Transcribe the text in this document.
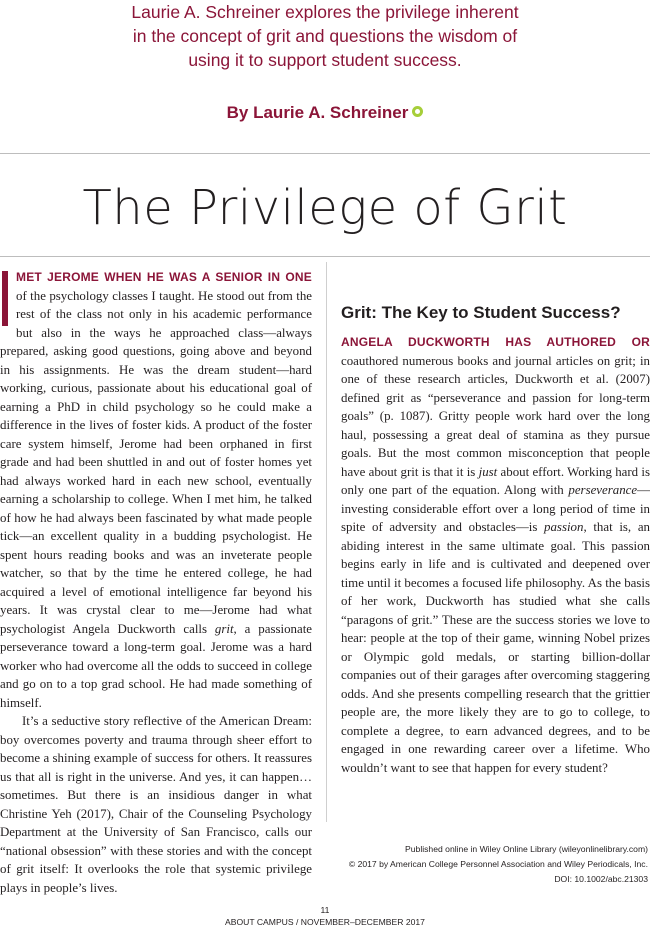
Laurie A. Schreiner explores the privilege inherent
in the concept of grit and questions the wisdom of
using it to support student success.
By Laurie A. Schreiner
The Privilege of Grit

MET JEROME WHEN HE WAS A SENIOR IN ONE of the psychology classes I taught. He stood out from the rest of the class not only in his academic performance but also in the ways he approached class—always prepared, asking good questions, going above and beyond in his assignments. He was the dream student—hard working, curious, passionate about his educational goal of earning a PhD in child psychology so he could make a difference in the lives of foster kids. A product of the foster care system himself, Jerome had been orphaned in first grade and had been shuttled in and out of foster homes yet had always worked hard in each new school, eventually earning a scholarship to college. When I met him, he talked of how he had always been fascinated by what made people tick—an excellent quality in a budding psychologist. He spent hours reading books and was an inveterate people watcher, so that by the time he entered college, he had acquired a level of emotional intelligence far beyond his years. It was crystal clear to me—Jerome had what psychologist Angela Duckworth calls grit, a passionate perseverance toward a long-term goal. Jerome was a hard worker who had overcome all the odds to succeed in college and go on to a top grad school. He had made something of himself.

It’s a seductive story reflective of the American Dream: boy overcomes poverty and trauma through sheer effort to become a shining example of success for others. It reassures us that all is right in the universe. And yes, it can happen…sometimes. But there is an insidious danger in what Christine Yeh (2017), Chair of the Counseling Psychology Department at the University of San Francisco, calls our “national obsession” with these stories and with the concept of grit itself: It overlooks the role that systemic privilege plays in people’s lives.

Grit: The Key to Student Success?

ANGELA DUCKWORTH HAS AUTHORED OR coauthored numerous books and journal articles on grit; in one of these research articles, Duckworth et al. (2007) defined grit as “perseverance and passion for long-term goals” (p. 1087). Gritty people work hard over the long haul, possessing a great deal of stamina as they pursue goals. But the most common misconception that people have about grit is that it is just about effort. Working hard is only one part of the equation. Along with perseverance—investing considerable effort over a long period of time in spite of adversity and obstacles—is passion, that is, an abiding interest in the same ultimate goal. This passion begins early in life and is cultivated and deepened over time until it becomes a focused life philosophy. As the basis of her work, Duckworth has studied what she calls “paragons of grit.” These are the success stories we love to hear: people at the top of their game, winning Nobel prizes or Olympic gold medals, or starting billion-dollar companies out of their garages after overcoming staggering odds. And she presents compelling research that the grittier people are, the more likely they are to go to college, to complete a degree, to earn advanced degrees, and to be engaged in one rewarding career over a lifetime. Who wouldn’t want to see that happen for every student?

Published online in Wiley Online Library (wileyonlinelibrary.com)
© 2017 by American College Personnel Association and Wiley Periodicals, Inc.
DOI: 10.1002/abc.21303
11
ABOUT CAMPUS / NOVEMBER–DECEMBER 2017
